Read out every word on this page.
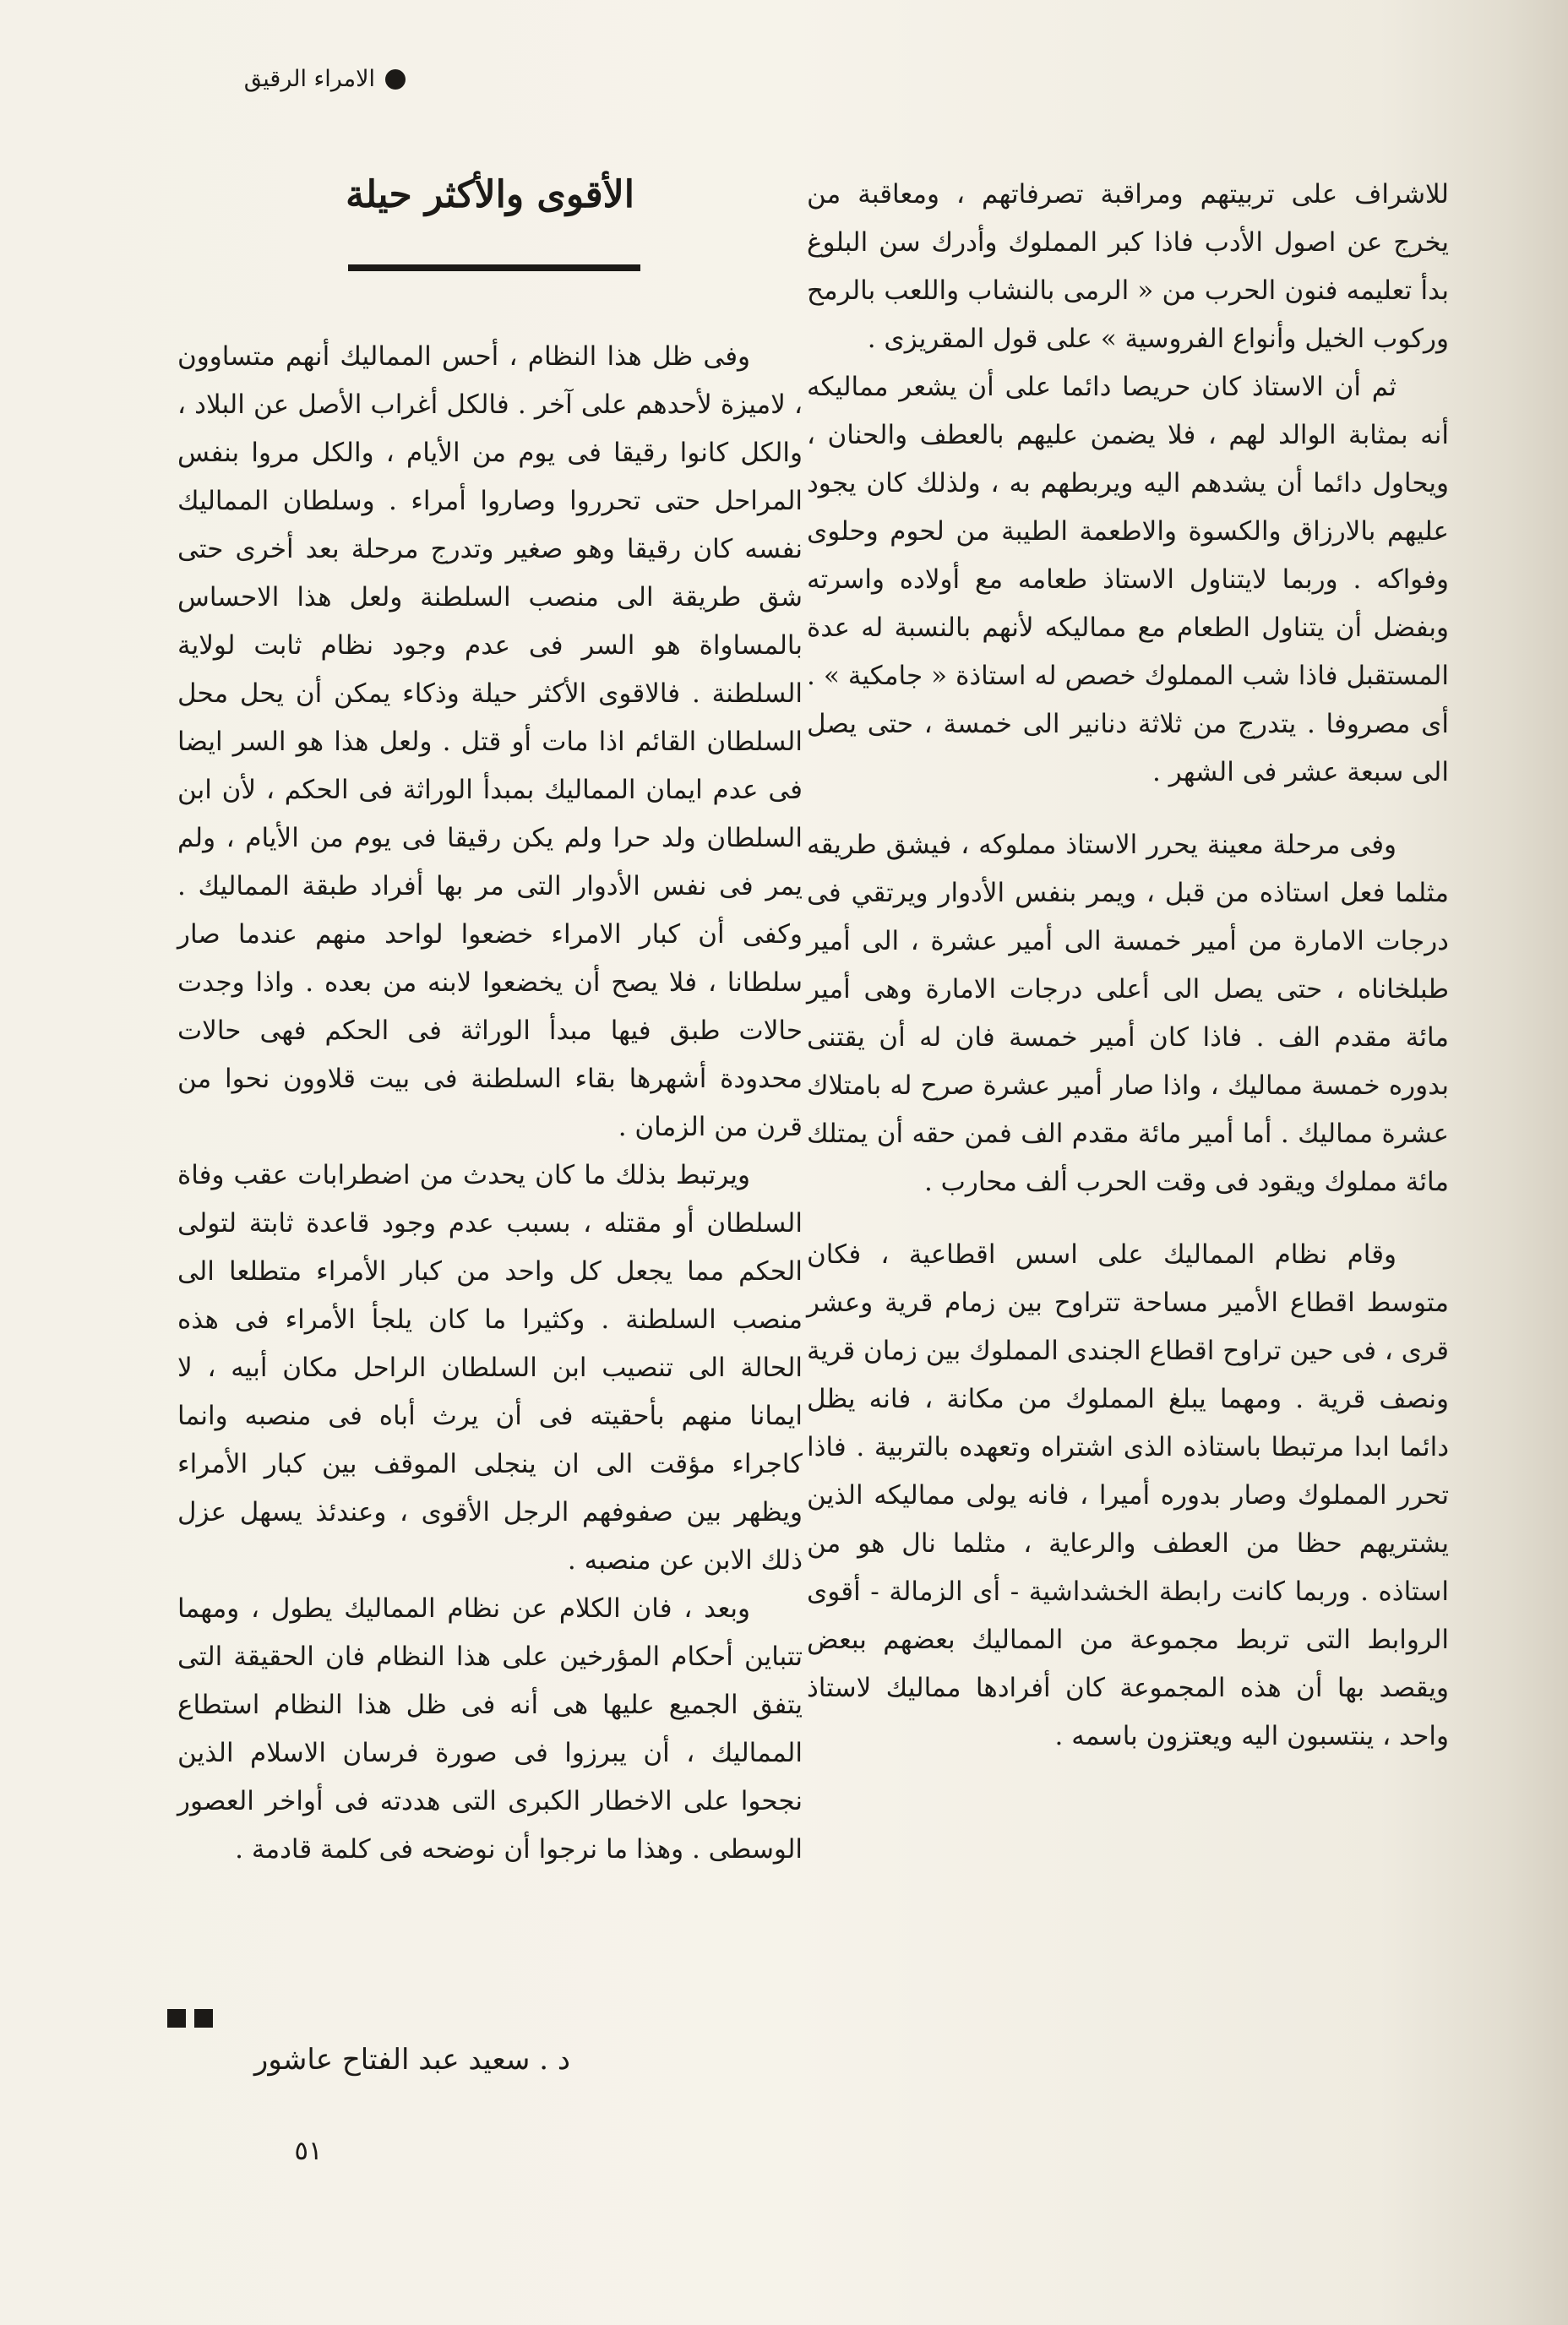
الامراء الرقيق

للاشراف على تربيتهم ومراقبة تصرفاتهم ، ومعاقبة من يخرج عن اصول الأدب فاذا كبر المملوك وأدرك سن البلوغ بدأ تعليمه فنون الحرب من « الرمى بالنشاب واللعب بالرمح وركوب الخيل وأنواع الفروسية » على قول المقريزى .

ثم أن الاستاذ كان حريصا دائما على أن يشعر مماليكه أنه بمثابة الوالد لهم ، فلا يضمن عليهم بالعطف والحنان ، ويحاول دائما أن يشدهم اليه ويربطهم به ، ولذلك كان يجود عليهم بالارزاق والكسوة والاطعمة الطيبة من لحوم وحلوى وفواكه . وربما لايتناول الاستاذ طعامه مع أولاده واسرته وبفضل أن يتناول الطعام مع مماليكه لأنهم بالنسبة له عدة المستقبل فاذا شب المملوك خصص له استاذة « جامكية » . أى مصروفا . يتدرج من ثلاثة دنانير الى خمسة ، حتى يصل الى سبعة عشر فى الشهر .

وفى مرحلة معينة يحرر الاستاذ مملوكه ، فيشق طريقه مثلما فعل استاذه من قبل ، ويمر بنفس الأدوار ويرتقي فى درجات الامارة من أمير خمسة الى أمير عشرة ، الى أمير طبلخاناه ، حتى يصل الى أعلى درجات الامارة وهى أمير مائة مقدم الف . فاذا كان أمير خمسة فان له أن يقتنى بدوره خمسة مماليك ، واذا صار أمير عشرة صرح له بامتلاك عشرة مماليك . أما أمير مائة مقدم الف فمن حقه أن يمتلك مائة مملوك ويقود فى وقت الحرب ألف محارب .

وقام نظام المماليك على اسس اقطاعية ، فكان متوسط اقطاع الأمير مساحة تتراوح بين زمام قرية وعشر قرى ، فى حين تراوح اقطاع الجندى المملوك بين زمان قرية ونصف قرية . ومهما يبلغ المملوك من مكانة ، فانه يظل دائما ابدا مرتبطا باستاذه الذى اشتراه وتعهده بالتربية . فاذا تحرر المملوك وصار بدوره أميرا ، فانه يولى مماليكه الذين يشتريهم حظا من العطف والرعاية ، مثلما نال هو من استاذه . وربما كانت رابطة الخشداشية - أى الزمالة - أقوى الروابط التى تربط مجموعة من المماليك بعضهم ببعض ويقصد بها أن هذه المجموعة كان أفرادها مماليك لاستاذ واحد ، ينتسبون اليه ويعتزون باسمه .

الأقوى والأكثر حيلة

وفى ظل هذا النظام ، أحس المماليك أنهم متساوون ، لاميزة لأحدهم على آخر . فالكل أغراب الأصل عن البلاد ، والكل كانوا رقيقا فى يوم من الأيام ، والكل مروا بنفس المراحل حتى تحرروا وصاروا أمراء . وسلطان المماليك نفسه كان رقيقا وهو صغير وتدرج مرحلة بعد أخرى حتى شق طريقة الى منصب السلطنة ولعل هذا الاحساس بالمساواة هو السر فى عدم وجود نظام ثابت لولاية السلطنة . فالاقوى الأكثر حيلة وذكاء يمكن أن يحل محل السلطان القائم اذا مات أو قتل . ولعل هذا هو السر ايضا فى عدم ايمان المماليك بمبدأ الوراثة فى الحكم ، لأن ابن السلطان ولد حرا ولم يكن رقيقا فى يوم من الأيام ، ولم يمر فى نفس الأدوار التى مر بها أفراد طبقة المماليك . وكفى أن كبار الامراء خضعوا لواحد منهم عندما صار سلطانا ، فلا يصح أن يخضعوا لابنه من بعده . واذا وجدت حالات طبق فيها مبدأ الوراثة فى الحكم فهى حالات محدودة أشهرها بقاء السلطنة فى بيت قلاوون نحوا من قرن من الزمان .

ويرتبط بذلك ما كان يحدث من اضطرابات عقب وفاة السلطان أو مقتله ، بسبب عدم وجود قاعدة ثابتة لتولى الحكم مما يجعل كل واحد من كبار الأمراء متطلعا الى منصب السلطنة . وكثيرا ما كان يلجأ الأمراء فى هذه الحالة الى تنصيب ابن السلطان الراحل مكان أبيه ، لا ايمانا منهم بأحقيته فى أن يرث أباه فى منصبه وانما كاجراء مؤقت الى ان ينجلى الموقف بين كبار الأمراء ويظهر بين صفوفهم الرجل الأقوى ، وعندئذ يسهل عزل ذلك الابن عن منصبه .

وبعد ، فان الكلام عن نظام المماليك يطول ، ومهما تتباين أحكام المؤرخين على هذا النظام فان الحقيقة التى يتفق الجميع عليها هى أنه فى ظل هذا النظام استطاع المماليك ، أن يبرزوا فى صورة فرسان الاسلام الذين نجحوا على الاخطار الكبرى التى هددته فى أواخر العصور الوسطى . وهذا ما نرجوا أن نوضحه فى كلمة قادمة .

د . سعيد عبد الفتاح عاشور
٥١
